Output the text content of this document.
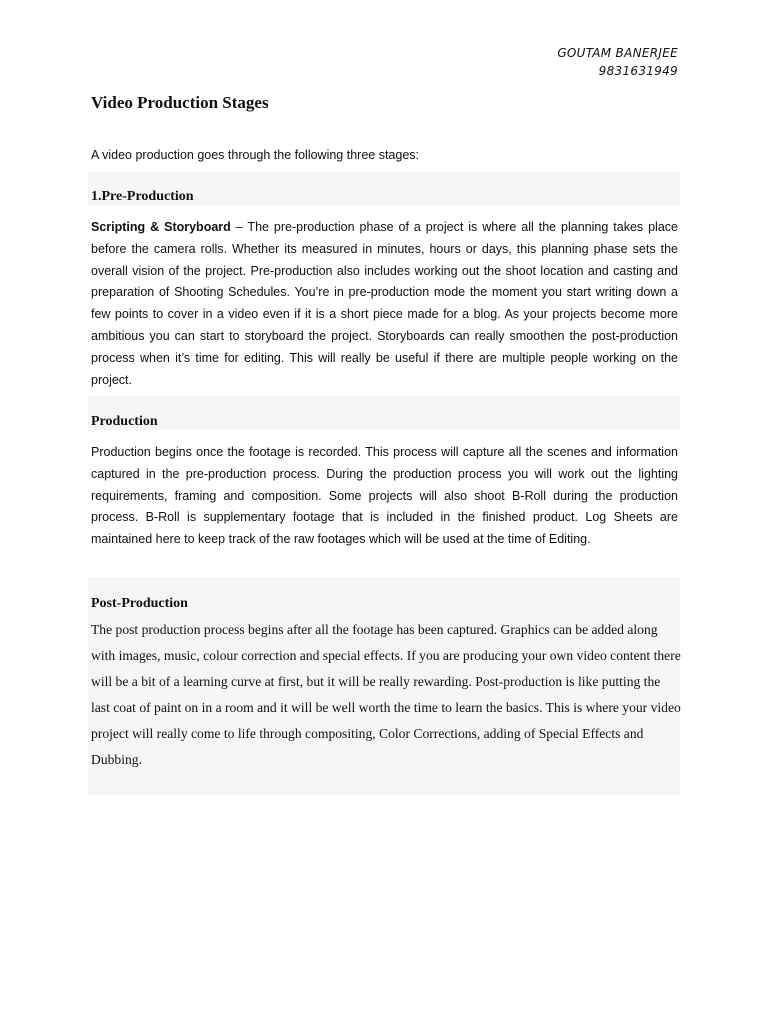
GOUTAM BANERJEE
9831631949
Video Production Stages

A video production goes through the following three stages:

1.Pre-Production

Scripting & Storyboard – The pre-production phase of a project is where all the planning takes place before the camera rolls. Whether its measured in minutes, hours or days, this planning phase sets the overall vision of the project. Pre-production also includes working out the shoot location and casting and preparation of Shooting Schedules. You’re in pre-production mode the moment you start writing down a few points to cover in a video even if it is a short piece made for a blog. As your projects become more ambitious you can start to storyboard the project. Storyboards can really smoothen the post-production process when it’s time for editing. This will really be useful if there are multiple people working on the project.

Production

Production begins once the footage is recorded. This process will capture all the scenes and information captured in the pre-production process. During the production process you will work out the lighting requirements, framing and composition. Some projects will also shoot B-Roll during the production process. B-Roll is supplementary footage that is included in the finished product. Log Sheets are maintained here to keep track of the raw footages which will be used at the time of Editing.

Post-Production

The post production process begins after all the footage has been captured. Graphics can be added along with images, music, colour correction and special effects. If you are producing your own video content there will be a bit of a learning curve at first, but it will be really rewarding. Post-production is like putting the last coat of paint on in a room and it will be well worth the time to learn the basics. This is where your video project will really come to life through compositing, Color Corrections, adding of Special Effects and Dubbing.
